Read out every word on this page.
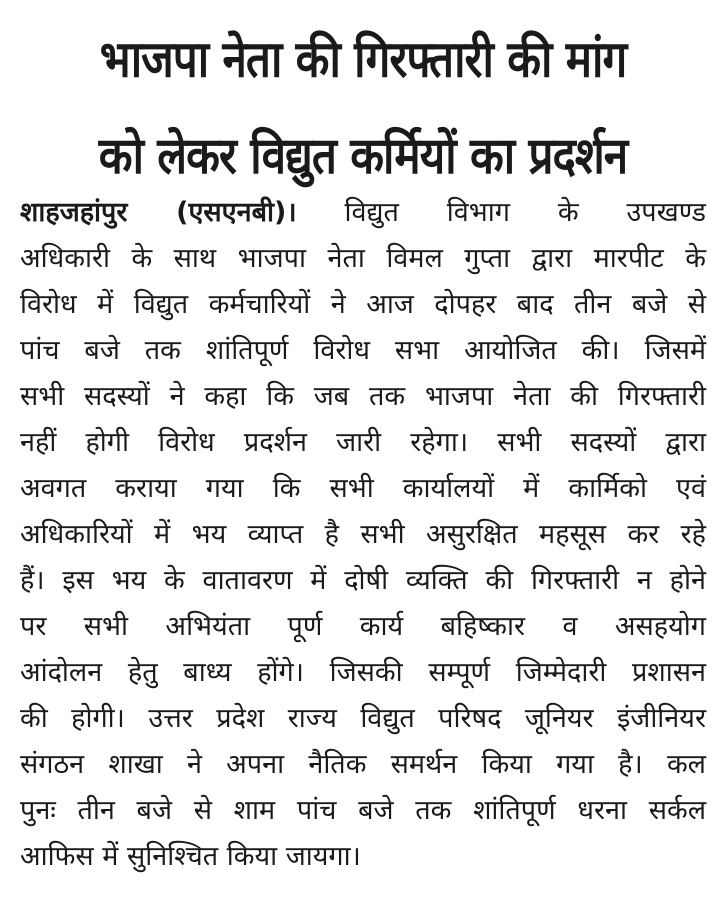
भाजपा नेता की गिरफ्तारी की मांग
को लेकर विद्युत कर्मियों का प्रदर्शन
शाहजहांपुर (एसएनबी)। विद्युत विभाग के उपखण्ड
अधिकारी के साथ भाजपा नेता विमल गुप्ता द्वारा मारपीट के
विरोध में विद्युत कर्मचारियों ने आज दोपहर बाद तीन बजे से
पांच बजे तक शांतिपूर्ण विरोध सभा आयोजित की। जिसमें
सभी सदस्यों ने कहा कि जब तक भाजपा नेता की गिरफ्तारी
नहीं होगी विरोध प्रदर्शन जारी रहेगा। सभी सदस्यों द्वारा
अवगत कराया गया कि सभी कार्यालयों में कार्मिको एवं
अधिकारियों में भय व्याप्त है सभी असुरक्षित महसूस कर रहे
हैं। इस भय के वातावरण में दोषी व्यक्ति की गिरफ्तारी न होने
पर सभी अभियंता पूर्ण कार्य बहिष्कार व असहयोग
आंदोलन हेतु बाध्य होंगे। जिसकी सम्पूर्ण जिम्मेदारी प्रशासन
की होगी। उत्तर प्रदेश राज्य विद्युत परिषद जूनियर इंजीनियर
संगठन शाखा ने अपना नैतिक समर्थन किया गया है। कल
पुनः तीन बजे से शाम पांच बजे तक शांतिपूर्ण धरना सर्कल
आफिस में सुनिश्चित किया जायगा।
